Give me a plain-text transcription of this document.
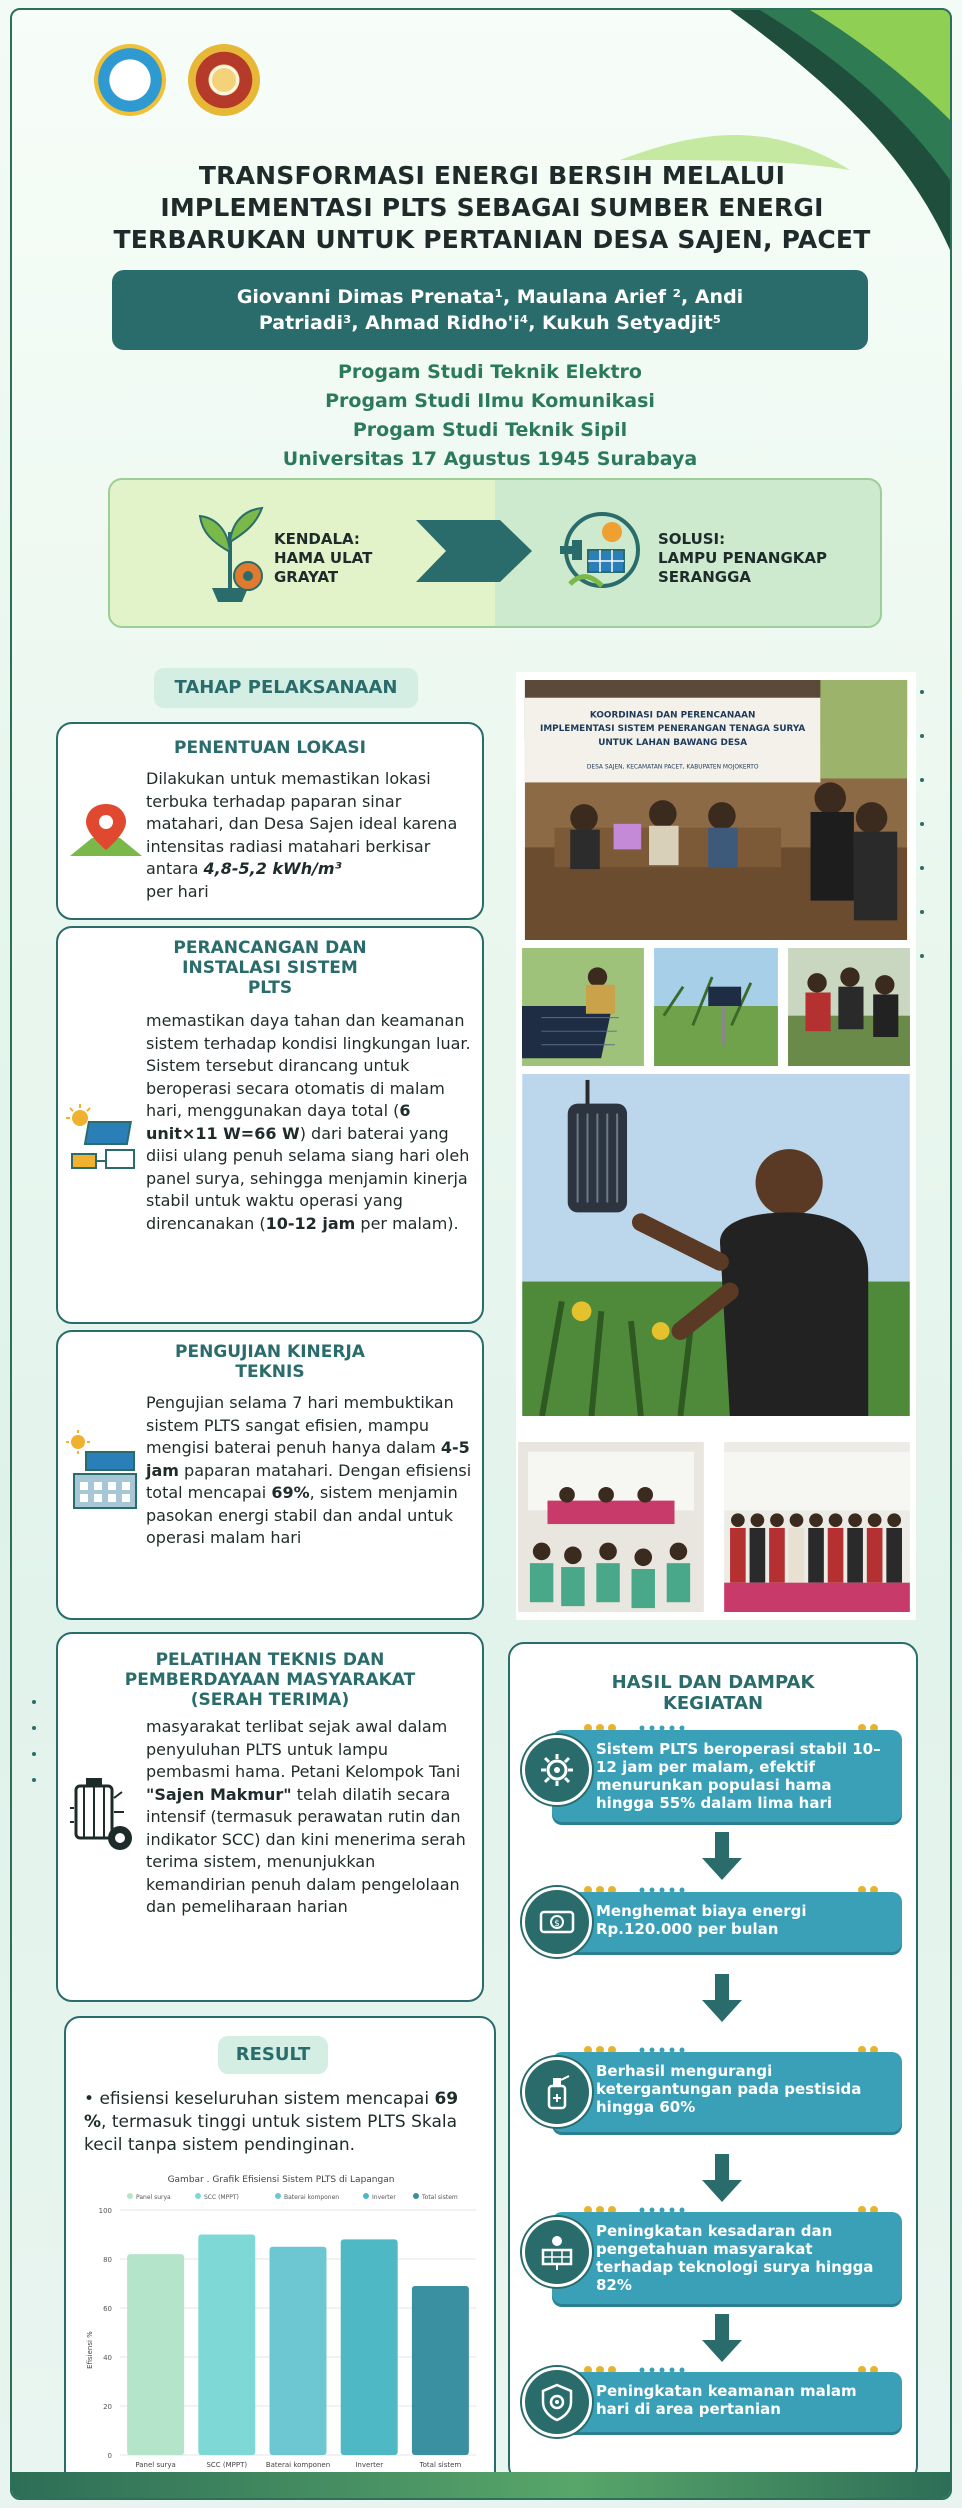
TRANSFORMASI ENERGI BERSIH MELALUI
IMPLEMENTASI PLTS SEBAGAI SUMBER ENERGI
TERBARUKAN UNTUK PERTANIAN DESA SAJEN, PACET
Giovanni Dimas Prenata¹, Maulana Arief ², Andi
Patriadi³, Ahmad Ridho'i⁴, Kukuh Setyadjit⁵
Progam Studi Teknik Elektro
Progam Studi Ilmu Komunikasi
Progam Studi Teknik Sipil
Universitas 17 Agustus 1945 Surabaya
KENDALA:
HAMA ULAT
GRAYAT
SOLUSI:
LAMPU PENANGKAP
SERANGGA
TAHAP PELAKSANAAN
PENENTUAN LOKASI

Dilakukan untuk memastikan lokasi terbuka terhadap paparan sinar matahari, dan Desa Sajen ideal karena intensitas radiasi matahari berkisar antara 4,8-5,2 kWh/m³
per hari

PERANCANGAN DAN
INSTALASI SISTEM
PLTS

memastikan daya tahan dan keamanan sistem terhadap kondisi lingkungan luar. Sistem tersebut dirancang untuk beroperasi secara otomatis di malam hari, menggunakan daya total (6 unit×11 W=66 W) dari baterai yang diisi ulang penuh selama siang hari oleh panel surya, sehingga menjamin kinerja stabil untuk waktu operasi yang direncanakan (10-12 jam per malam).

PENGUJIAN KINERJA
TEKNIS

Pengujian selama 7 hari membuktikan sistem PLTS sangat efisien, mampu mengisi baterai penuh hanya dalam 4-5 jam paparan matahari. Dengan efisiensi total mencapai 69%, sistem menjamin pasokan energi stabil dan andal untuk operasi malam hari

PELATIHAN TEKNIS DAN
PEMBERDAYAAN MASYARAKAT
(SERAH TERIMA)

masyarakat terlibat sejak awal dalam penyuluhan PLTS untuk lampu pembasmi hama. Petani Kelompok Tani "Sajen Makmur" telah dilatih secara intensif (termasuk perawatan rutin dan indikator SCC) dan kini menerima serah terima sistem, menunjukkan kemandirian penuh dalam pengelolaan dan pemeliharaan harian

KOORDINASI DAN PERENCANAAN
IMPLEMENTASI SISTEM PENERANGAN TENAGA SURYA
UNTUK LAHAN BAWANG DESA
DESA SAJEN, KECAMATAN PACET, KABUPATEN MOJOKERTO
RESULT

• efisiensi keseluruhan sistem mencapai 69 %, termasuk tinggi untuk sistem PLTS Skala kecil tanpa sistem pendinginan.

Gambar . Grafik Efisiensi Sistem PLTS di Lapangan
Panel surya	SCC (MPPT)	Baterai komponen	Inverter	Total sistem
100
80
60
40
20
0
Panel surya	SCC (MPPT)	Baterai komponen	Inverter	Total sistem
Efisiensi %
HASIL DAN DAMPAK
KEGIATAN
Sistem PLTS beroperasi stabil 10–12 jam per malam, efektif menurunkan populasi hama hingga 55% dalam lima hari
Menghemat biaya energi Rp.120.000 per bulan
$
Berhasil mengurangi ketergantungan pada pestisida hingga 60%
Peningkatan kesadaran dan pengetahuan masyarakat terhadap teknologi surya hingga 82%
Peningkatan keamanan malam hari di area pertanian
